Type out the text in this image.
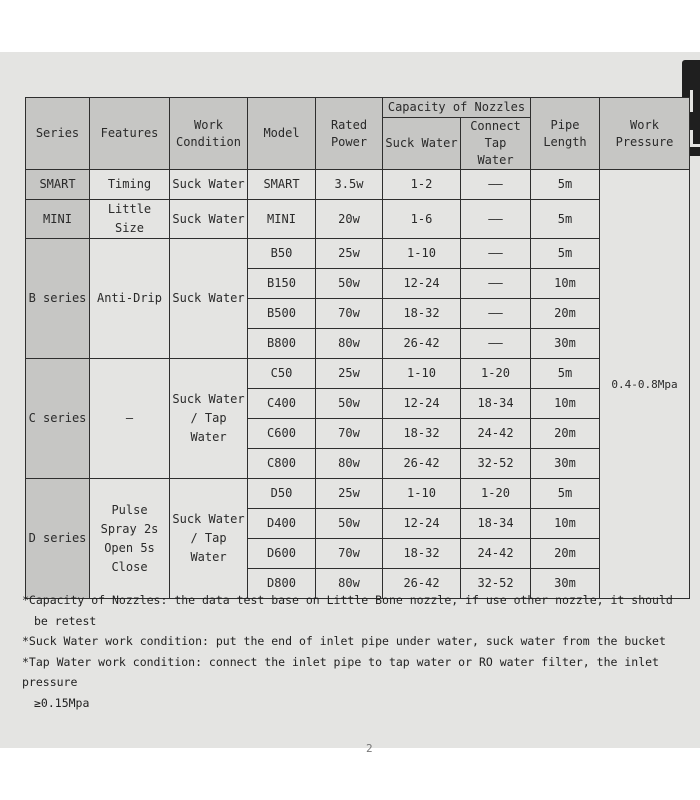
Series	Features	Work Condition	Model	Rated Power	Capacity of Nozzles		Pipe Length	Work Pressure
					Suck Water	Connect Tap Water		
SMART	Timing	Suck Water	SMART	3.5w	1-2	——	5m	0.4-0.8Mpa
MINI	Little Size	Suck Water	MINI	20w	1-6	——	5m	
B series	Anti-Drip	Suck Water	B50	25w	1-10	——	5m	
			B150	50w	12-24	——	10m	
			B500	70w	18-32	——	20m	
			B800	80w	26-42	——	30m	
C series	—	Suck Water / Tap Water	C50	25w	1-10	1-20	5m	
			C400	50w	12-24	18-34	10m	
			C600	70w	18-32	24-42	20m	
			C800	80w	26-42	32-52	30m	
D series	Pulse Spray 2s Open 5s Close	Suck Water / Tap Water	D50	25w	1-10	1-20	5m	
			D400	50w	12-24	18-34	10m	
			D600	70w	18-32	24-42	20m	
			D800	80w	26-42	32-52	30m	

*Capacity of Nozzles: the data test base on Little Bone nozzle, if use other nozzle, it should

be retest

*Suck Water work condition: put the end of inlet pipe under water, suck water from the bucket

*Tap Water work condition: connect the inlet pipe to tap water or RO water filter, the inlet pressure

≥0.15Mpa

2
